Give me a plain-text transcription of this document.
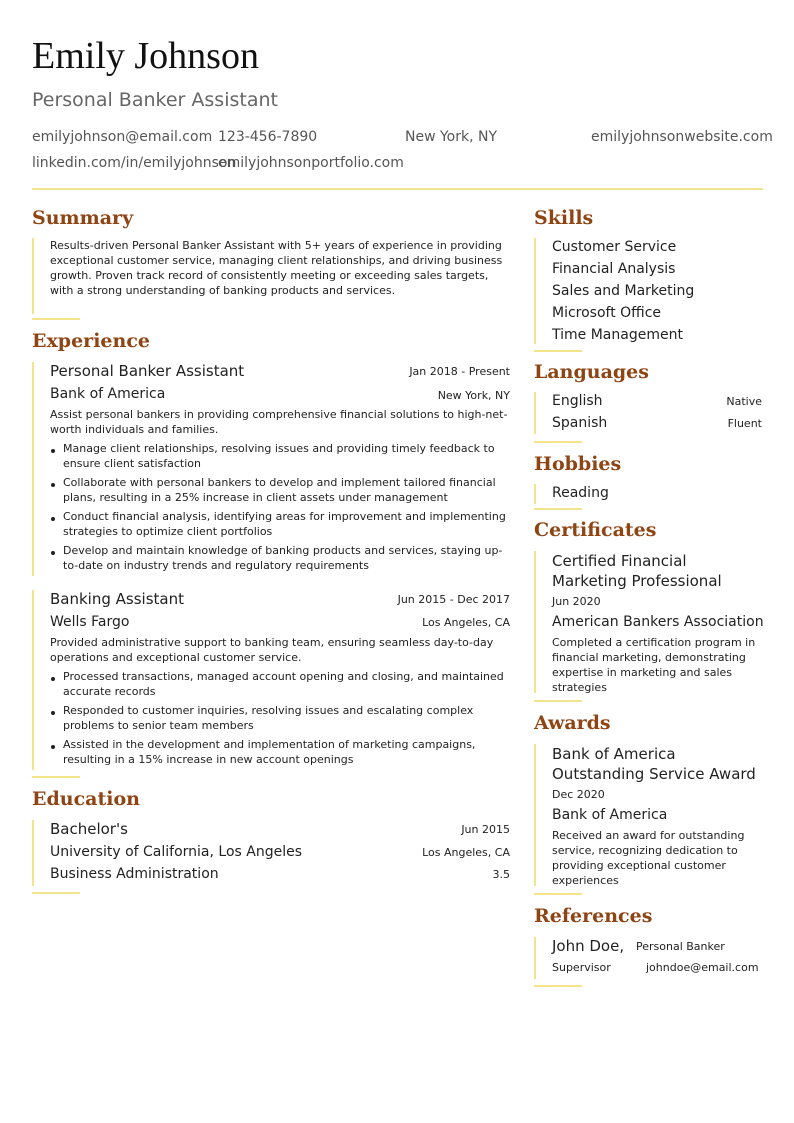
Emily Johnson
Personal Banker Assistant
emilyjohnson@email.com 123-456-7890	New York, NY	emilyjohnsonwebsite.com
linkedin.com/in/emilyjohnson
emilyjohnsonportfolio.com
Summary
Results-driven Personal Banker Assistant with 5+ years of experience in providing exceptional customer service, managing client relationships, and driving business growth. Proven track record of consistently meeting or exceeding sales targets, with a strong understanding of banking products and services.
Experience
Personal Banker Assistant	Jan 2018 - Present
Bank of America	New York, NY
Assist personal bankers in providing comprehensive financial solutions to high-net-worth individuals and families.
Manage client relationships, resolving issues and providing timely feedback to ensure client satisfaction
Collaborate with personal bankers to develop and implement tailored financial plans, resulting in a 25% increase in client assets under management
Conduct financial analysis, identifying areas for improvement and implementing strategies to optimize client portfolios
Develop and maintain knowledge of banking products and services, staying up-to-date on industry trends and regulatory requirements
Banking Assistant	Jun 2015 - Dec 2017
Wells Fargo	Los Angeles, CA
Provided administrative support to banking team, ensuring seamless day-to-day operations and exceptional customer service.
Processed transactions, managed account opening and closing, and maintained accurate records
Responded to customer inquiries, resolving issues and escalating complex problems to senior team members
Assisted in the development and implementation of marketing campaigns, resulting in a 15% increase in new account openings
Education
Bachelor's	Jun 2015
University of California, Los Angeles	Los Angeles, CA
Business Administration	3.5
Skills
Customer Service
Financial Analysis
Sales and Marketing
Microsoft Office
Time Management
Languages
English	Native
Spanish	Fluent
Hobbies
Reading
Certificates
Certified Financial Marketing Professional
Jun 2020
American Bankers Association
Completed a certification program in financial marketing, demonstrating expertise in marketing and sales strategies
Awards
Bank of America Outstanding Service Award
Dec 2020
Bank of America
Received an award for outstanding service, recognizing dedication to providing exceptional customer experiences
References
John Doe, Personal Banker
Supervisor	johndoe@email.com
